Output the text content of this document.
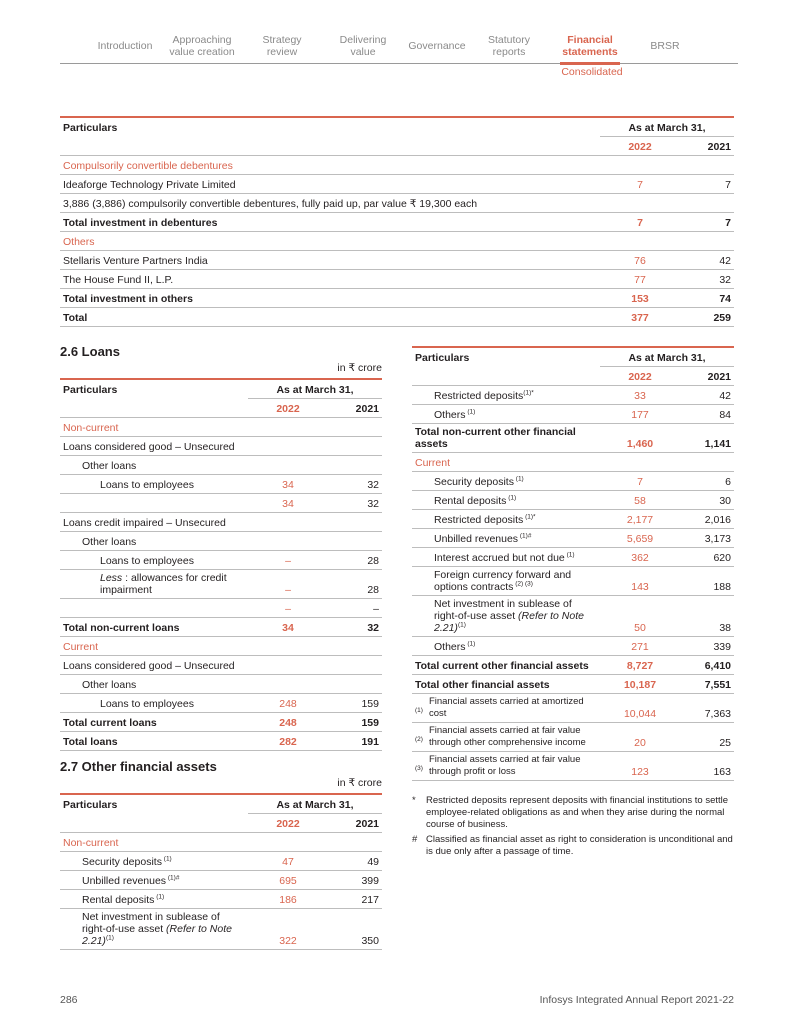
Introduction	Approaching
value creation
Strategy
review
Delivering
value	Governance	Statutory
reports
Financial
statements	BRSR
Consolidated
Particulars	As at March 31,	
	2022	2021
Compulsorily convertible debentures		
Ideaforge Technology Private Limited	7	7
3,886 (3,886) compulsorily convertible debentures, fully paid up, par value ₹ 19,300 each		
Total investment in debentures	7	7
Others		
Stellaris Venture Partners India	76	42
The House Fund II, L.P.	77	32
Total investment in others	153	74
Total	377	259
2.6 Loans
in ₹ crore
Particulars	As at March 31,	
	2022	2021
Non-current		
Loans considered good – Unsecured		
Other loans		
Loans to employees	34	32
	34	32
Loans credit impaired – Unsecured		
Other loans		
Loans to employees	–	28
Less : allowances for credit impairment	–	28
	–	–
Total non-current loans	34	32
Current		
Loans considered good – Unsecured		
Other loans		
Loans to employees	248	159
Total current loans	248	159
Total loans	282	191
2.7 Other financial assets
in ₹ crore
Particulars	As at March 31,	
	2022	2021
Non-current		
Security deposits $^{(1)}$	47	49
Unbilled revenues $^{(1)\#}$	695	399
Rental deposits $^{(1)}$	186	217
Net investment in sublease of right-of-use asset (Refer to Note 2.21)$^{(1)}$	322	350
Particulars	As at March 31,	
	2022	2021
Restricted deposits$^{(1)*}$	33	42
Others $^{(1)}$	177	84
Total non-current other financial assets	1,460	1,141
Current		
Security deposits $^{(1)}$	7	6
Rental deposits $^{(1)}$	58	30
Restricted deposits $^{(1)*}$	2,177	2,016
Unbilled revenues $^{(1)\#}$	5,659	3,173
Interest accrued but not due $^{(1)}$	362	620
Foreign currency forward and options contracts $^{(2) (3)}$	143	188
Net investment in sublease of right-of-use asset (Refer to Note 2.21)$^{(1)}$	50	38
Others $^{(1)}$	271	339
Total current other financial assets	8,727	6,410
Total other financial assets	10,187	7,551
$^{(1)}$Financial assets carried at amortized cost	10,044	7,363
$^{(2)}$Financial assets carried at fair value through other comprehensive income	20	25
$^{(3)}$Financial assets carried at fair value through profit or loss	123	163
* Restricted deposits represent deposits with financial institutions to settle employee-related obligations as and when they arise during the normal course of business.
# Classified as financial asset as right to consideration is unconditional and is due only after a passage of time.
286	Infosys Integrated Annual Report 2021-22
